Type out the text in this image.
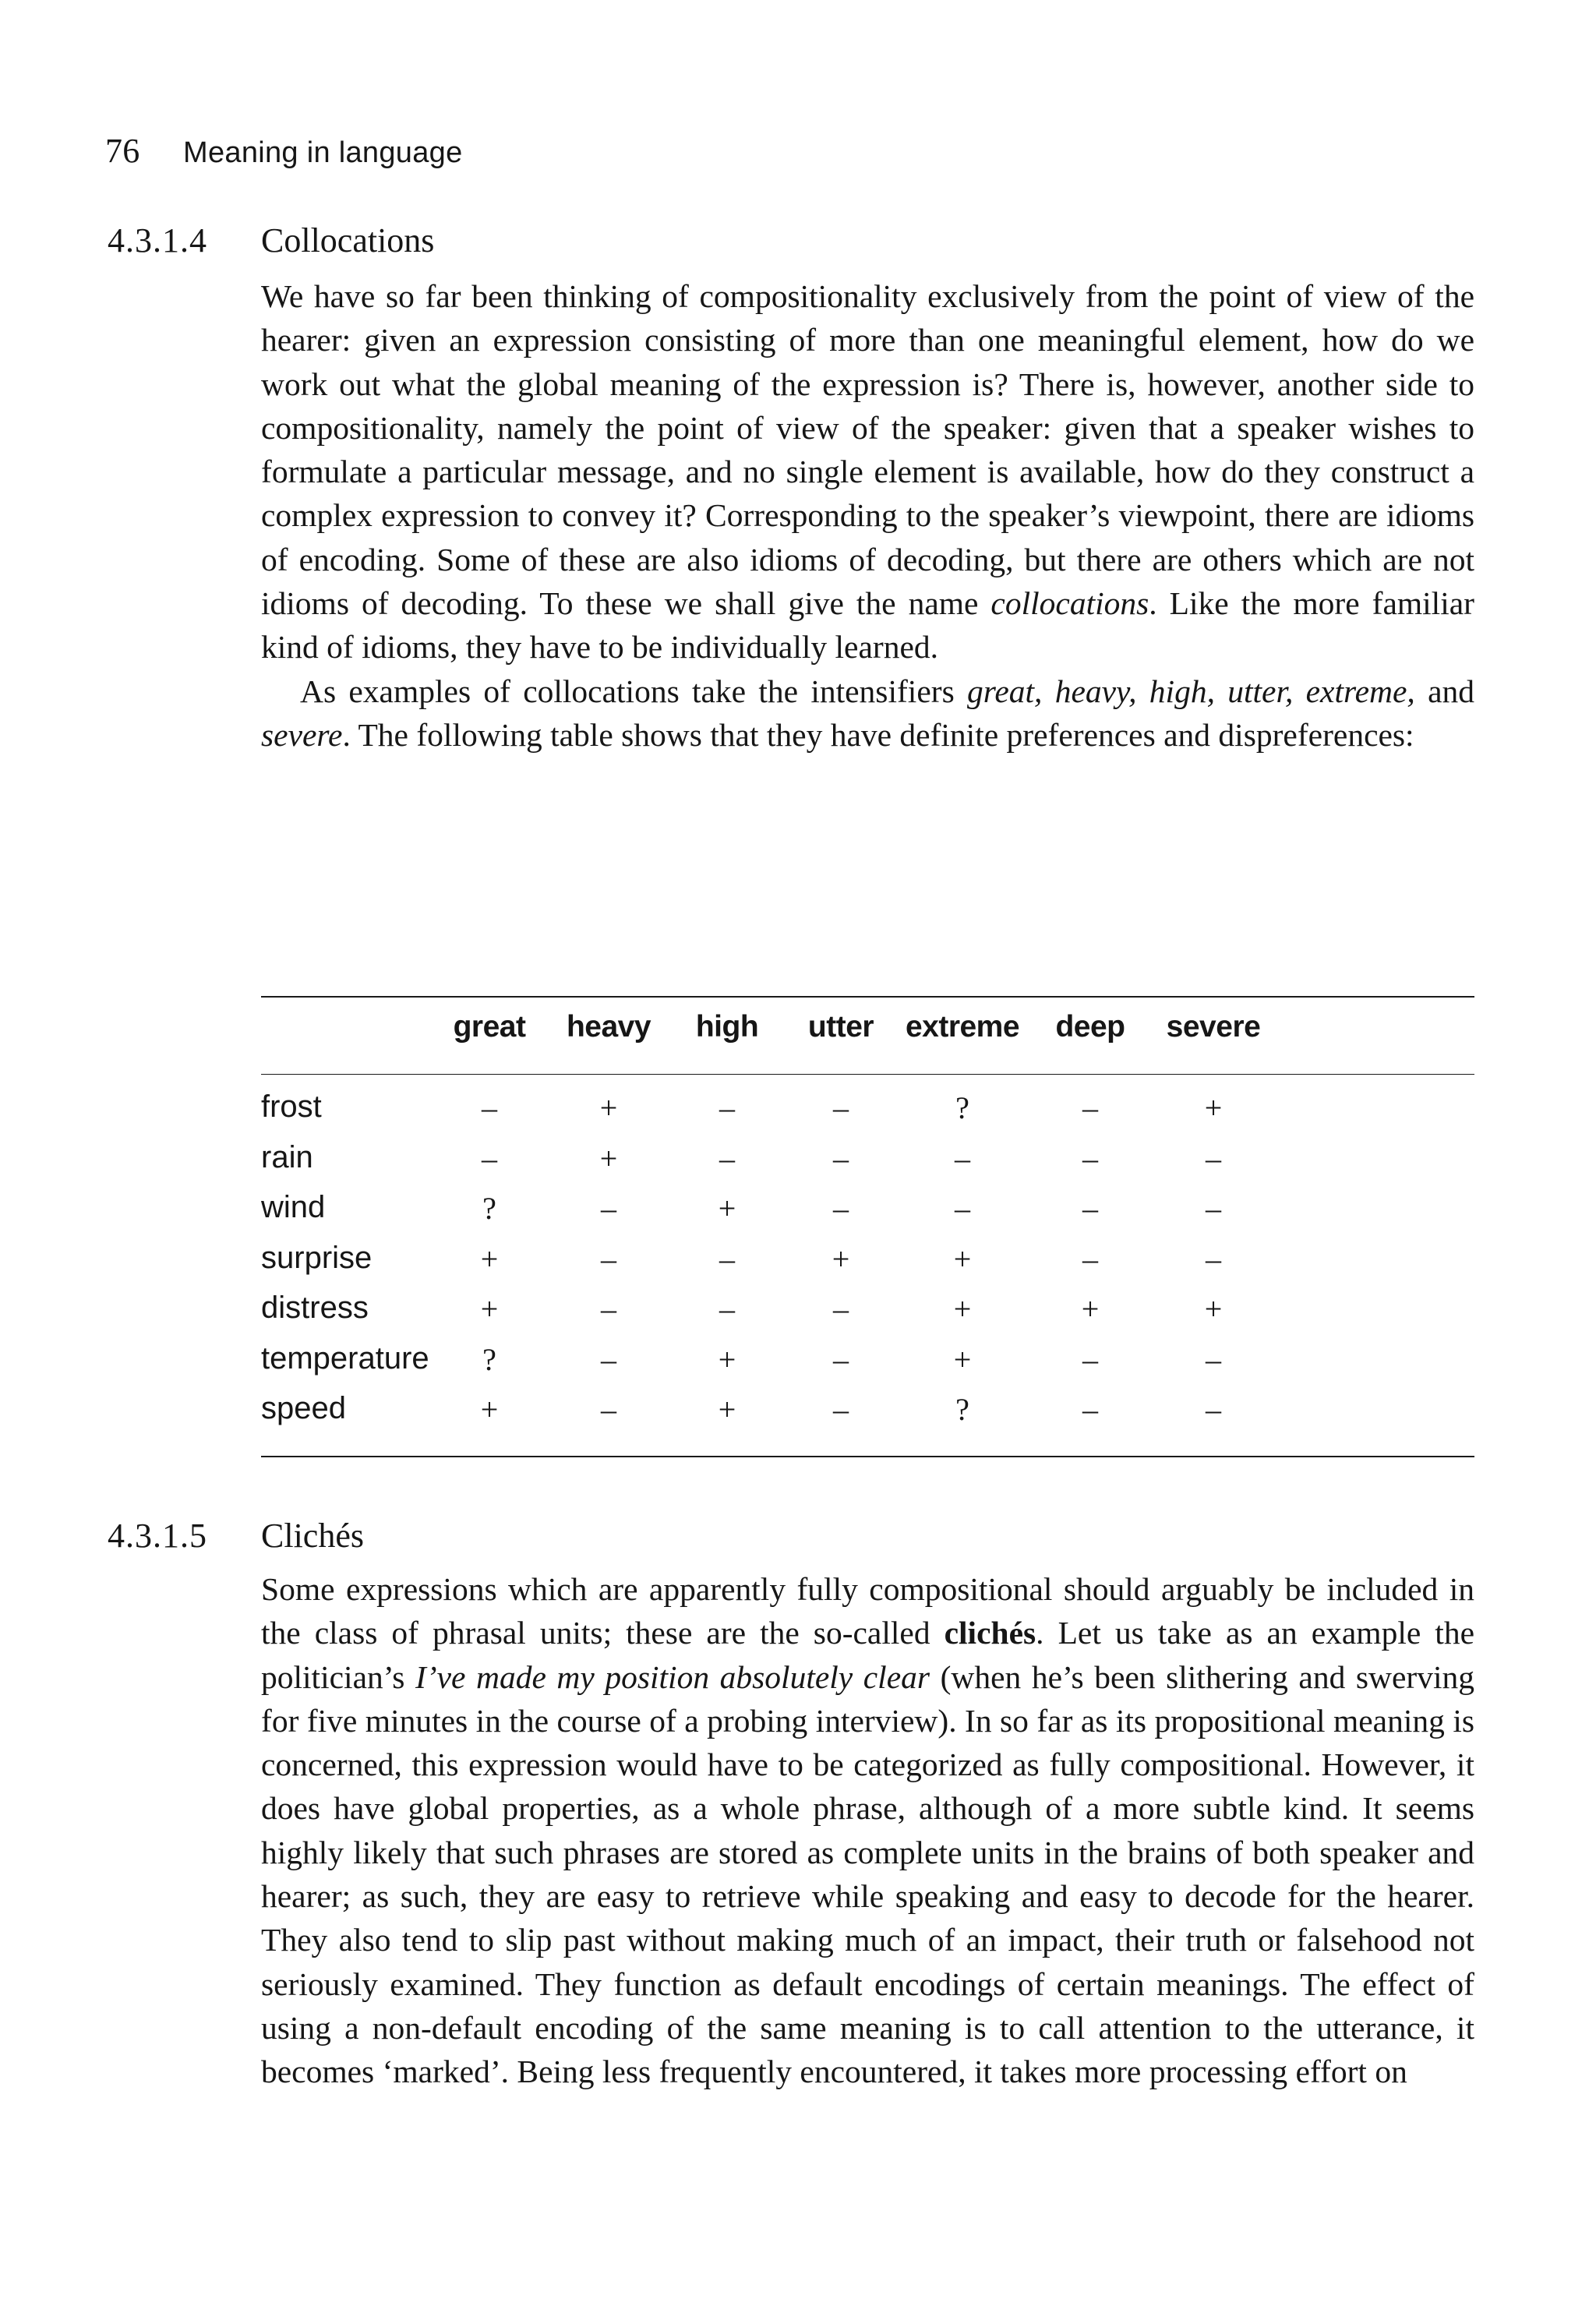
76 Meaning in language
4.3.1.4 Collocations

We have so far been thinking of compositionality exclusively from the point of view of the hearer: given an expression consisting of more than one meaningful element, how do we work out what the global meaning of the expression is? There is, however, another side to compositionality, namely the point of view of the speaker: given that a speaker wishes to formulate a particular message, and no single element is available, how do they construct a complex expression to convey it? Corresponding to the speaker’s viewpoint, there are idioms of encoding. Some of these are also idioms of decoding, but there are others which are not idioms of decoding. To these we shall give the name collocations. Like the more familiar kind of idioms, they have to be individually learned.

As examples of collocations take the intensifiers great, heavy, high, utter, extreme, and severe. The following table shows that they have definite preferences and dispreferences:

great heavy high utter extreme deep severe
frost	–	+	–	–	?	–	+
rain	–	+	–	–	–	–	–
wind	?	–	+	–	–	–	–
surprise	+	–	–	+	+	–	–
distress	+	–	–	–	+	+	+
temperature ?	–	+	–	+	–	–
speed	+	–	+	–	?	–	–
4.3.1.5 Clichés

Some expressions which are apparently fully compositional should arguably be included in the class of phrasal units; these are the so-called clichés. Let us take as an example the politician’s I’ve made my position absolutely clear (when he’s been slithering and swerving for five minutes in the course of a probing interview). In so far as its propositional meaning is concerned, this expression would have to be categorized as fully compositional. However, it does have global properties, as a whole phrase, although of a more subtle kind. It seems highly likely that such phrases are stored as complete units in the brains of both speaker and hearer; as such, they are easy to retrieve while speaking and easy to decode for the hearer. They also tend to slip past without making much of an impact, their truth or falsehood not seriously examined. They function as default encodings of certain meanings. The effect of using a non-default encoding of the same meaning is to call attention to the utterance, it becomes ‘marked’. Being less frequently encountered, it takes more processing effort on
